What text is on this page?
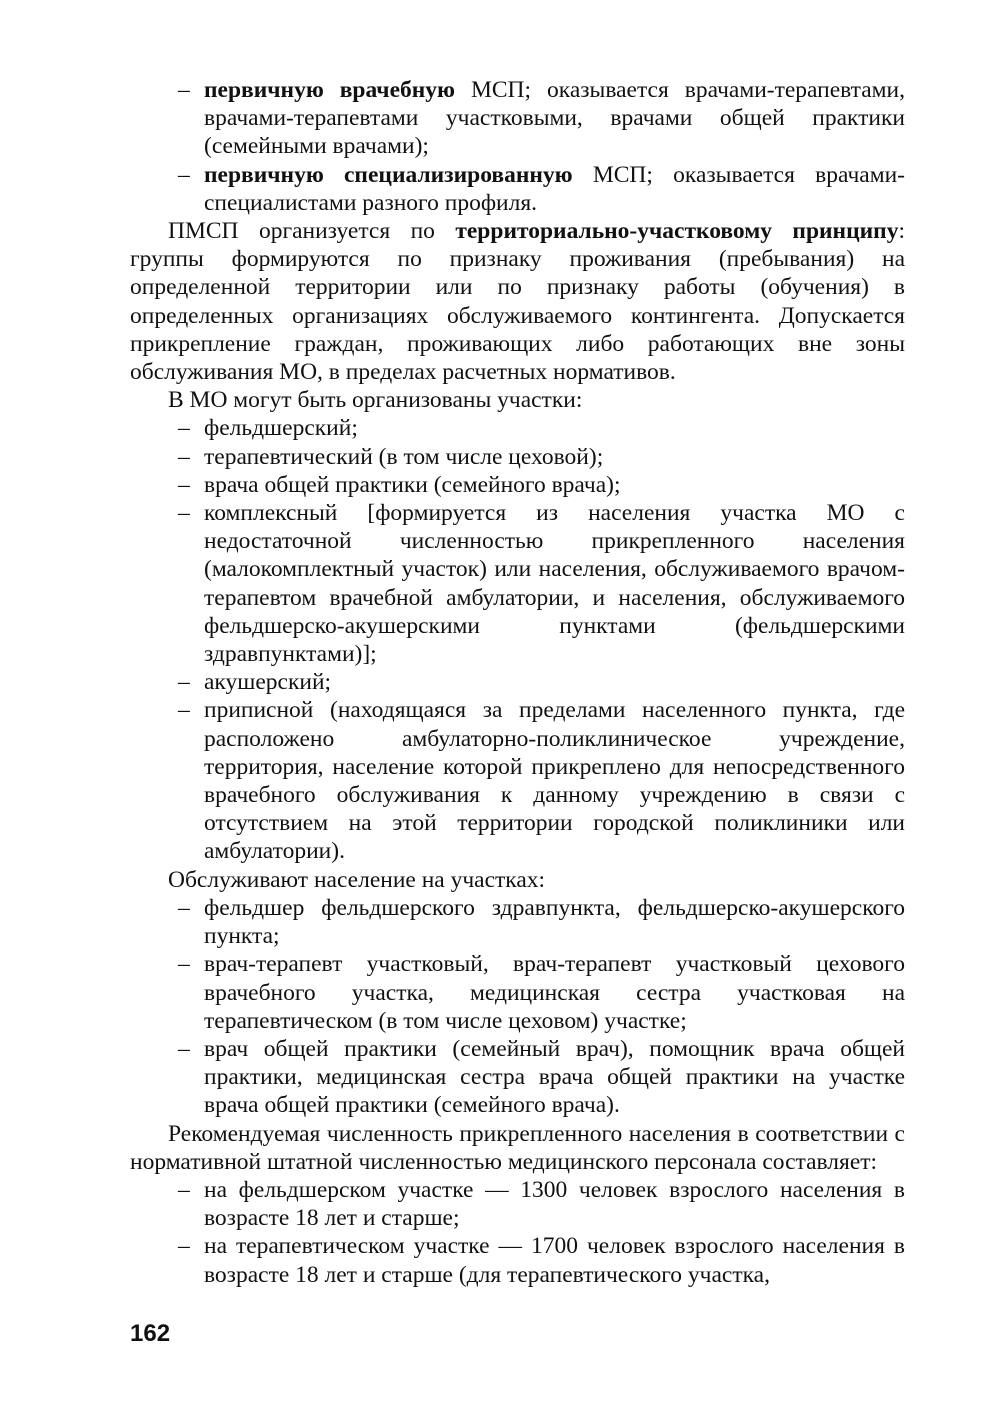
– первичную врачебную МСП; оказывается врачами-терапевтами, врачами-терапевтами участковыми, врачами общей практики (семейными врачами);

– первичную специализированную МСП; оказывается врачами-специалистами разного профиля.

ПМСП организуется по территориально-участковому принципу: группы формируются по признаку проживания (пребывания) на определенной территории или по признаку работы (обучения) в определенных организациях обслуживаемого контингента. Допускается прикрепление граждан, проживающих либо работающих вне зоны обслуживания МО, в пределах расчетных нормативов.

В МО могут быть организованы участки:

– фельдшерский;

– терапевтический (в том числе цеховой);

– врача общей практики (семейного врача);

– комплексный [формируется из населения участка МО с недостаточной численностью прикрепленного населения (малокомплектный участок) или населения, обслуживаемого врачом-терапевтом врачебной амбулатории, и населения, обслуживаемого фельдшерско-акушерскими пунктами (фельдшерскими здравпунктами)];

– акушерский;

– приписной (находящаяся за пределами населенного пункта, где расположено амбулаторно-поликлиническое учреждение, территория, население которой прикреплено для непосредственного врачебного обслуживания к данному учреждению в связи с отсутствием на этой территории городской поликлиники или амбулатории).

Обслуживают население на участках:

– фельдшер фельдшерского здравпункта, фельдшерско-акушерского пункта;

– врач-терапевт участковый, врач-терапевт участковый цехового врачебного участка, медицинская сестра участковая на терапевтическом (в том числе цеховом) участке;

– врач общей практики (семейный врач), помощник врача общей практики, медицинская сестра врача общей практики на участке врача общей практики (семейного врача).

Рекомендуемая численность прикрепленного населения в соответствии с нормативной штатной численностью медицинского персонала составляет:

– на фельдшерском участке — 1300 человек взрослого населения в возрасте 18 лет и старше;

– на терапевтическом участке — 1700 человек взрослого населения в возрасте 18 лет и старше (для терапевтического участка,

162
